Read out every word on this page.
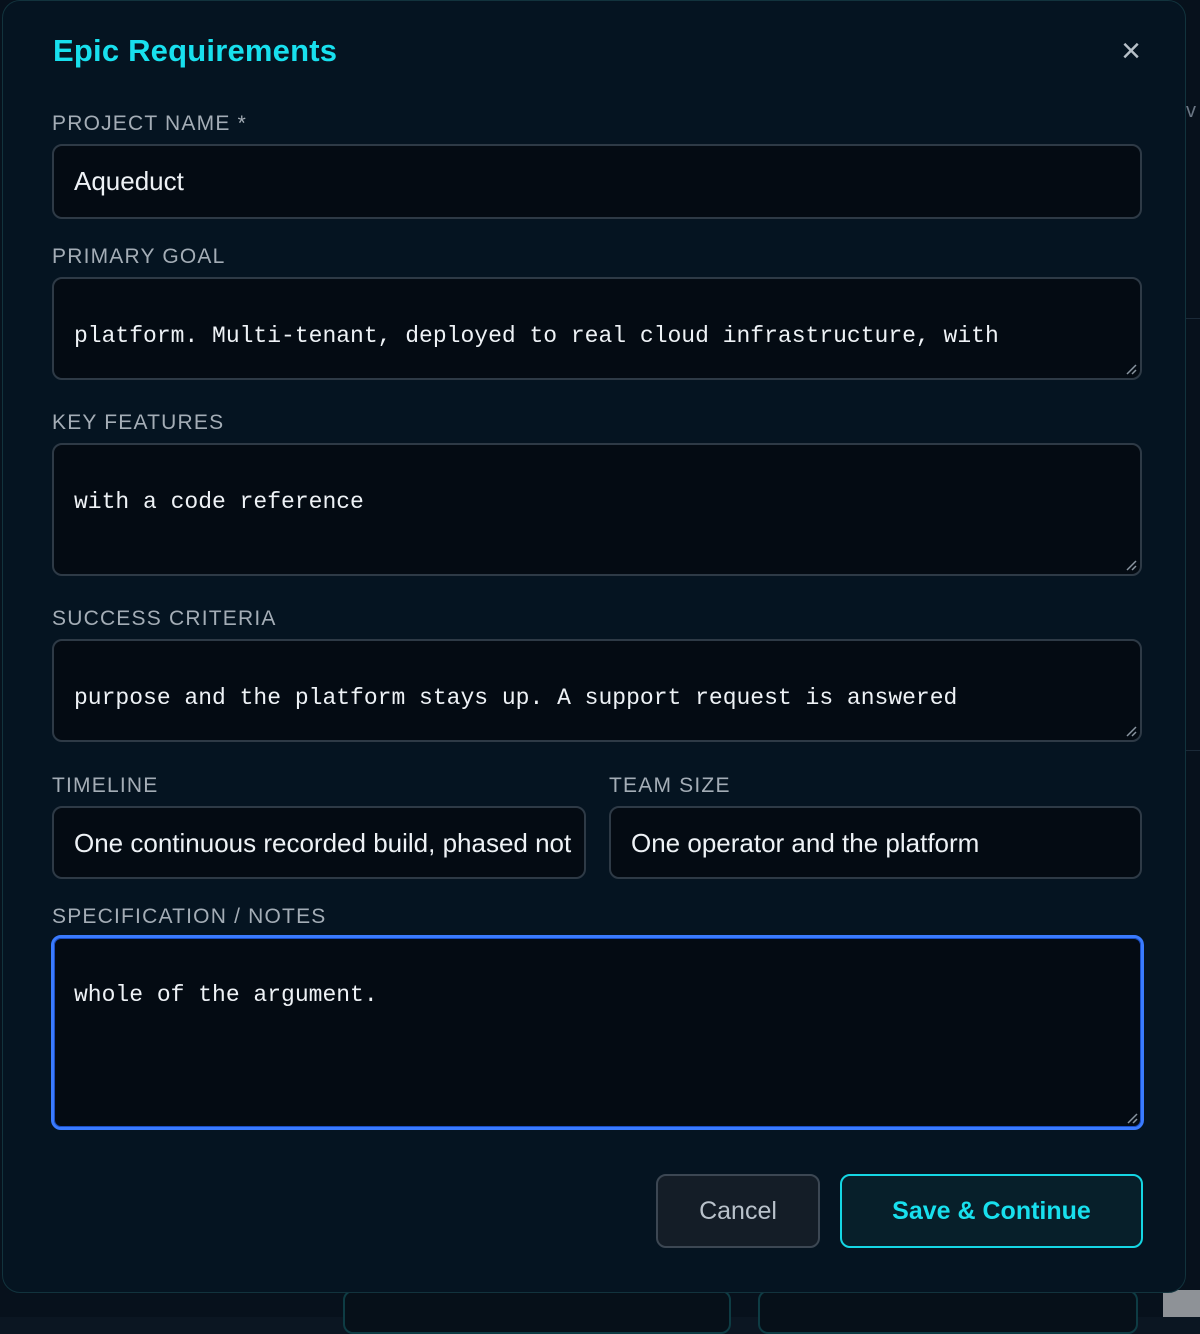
v
Epic Requirements	×
PROJECT NAME *
Aqueduct
PRIMARY GOAL

platform. Multi-tenant, deployed to real cloud infrastructure, with

KEY FEATURES

with a code reference

SUCCESS CRITERIA

purpose and the platform stays up. A support request is answered

TIMELINE
One continuous recorded build, phased not
TEAM SIZE
One operator and the platform
SPECIFICATION / NOTES

whole of the argument.

Cancel	Save & Continue
